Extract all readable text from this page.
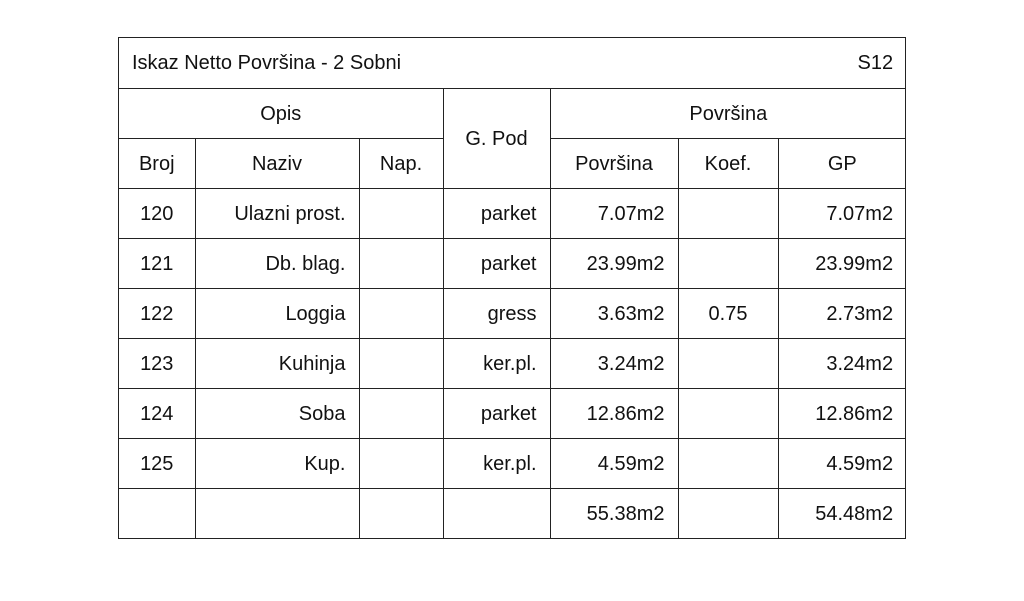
Iskaz Netto Površina - 2 Sobni S12						

Opis			G. Pod	Površina		
Broj	Naziv	Nap.		Površina	Koef.	GP
120	Ulazni prost.		parket	7.07m2		7.07m2
121	Db. blag.		parket	23.99m2		23.99m2
122	Loggia		gress	3.63m2	0.75	2.73m2
123	Kuhinja		ker.pl.	3.24m2		3.24m2
124	Soba		parket	12.86m2		12.86m2
125	Kup.		ker.pl.	4.59m2		4.59m2
				55.38m2		54.48m2
